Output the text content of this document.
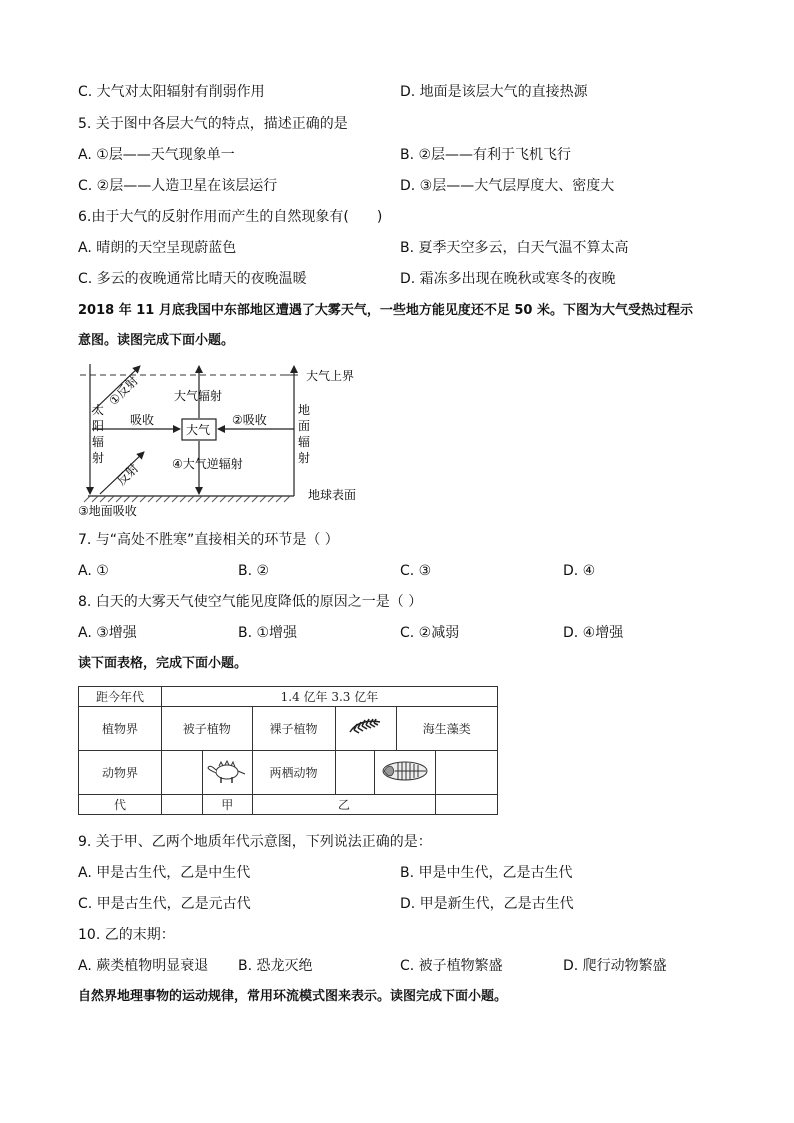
C. 大气对太阳辐射有削弱作用	D. 地面是该层大气的直接热源
5. 关于图中各层大气的特点，描述正确的是
A. ①层——天气现象单一	B. ②层——有利于飞机飞行
C. ②层——人造卫星在该层运行	D. ③层——大气层厚度大、密度大
6.由于大气的反射作用而产生的自然现象有(　　)
A. 晴朗的天空呈现蔚蓝色	B. 夏季天空多云，白天气温不算太高
C. 多云的夜晚通常比晴天的夜晚温暖	D. 霜冻多出现在晚秋或寒冬的夜晚
2018 年 11 月底我国中东部地区遭遇了大雾天气，一些地方能见度还不足 50 米。下图为大气受热过程示
意图。读图完成下面小题。
大气上界
地球表面
太
阳
辐
射
①反射
反射
大气
吸收	②吸收
地
面
辐
射
大气辐射
④大气逆辐射
③地面吸收
7. 与“高处不胜寒”直接相关的环节是（ ）
A. ①	B. ②	C. ③	D. ④
8. 白天的大雾天气使空气能见度降低的原因之一是（ ）
A. ③增强	B. ①增强	C. ②减弱	D. ④增强
读下面表格，完成下面小题。
距今年代	1.4 亿年 3.3 亿年						
植物界	被子植物		裸子植物			海生藻类	
动物界			两栖动物			
代		甲	乙				
9. 关于甲、乙两个地质年代示意图，下列说法正确的是：
A. 甲是古生代，乙是中生代	B. 甲是中生代，乙是古生代
C. 甲是古生代，乙是元古代	D. 甲是新生代，乙是古生代
10. 乙的末期：
A. 蕨类植物明显衰退 B. 恐龙灭绝	C. 被子植物繁盛	D. 爬行动物繁盛
自然界地理事物的运动规律，常用环流模式图来表示。读图完成下面小题。
